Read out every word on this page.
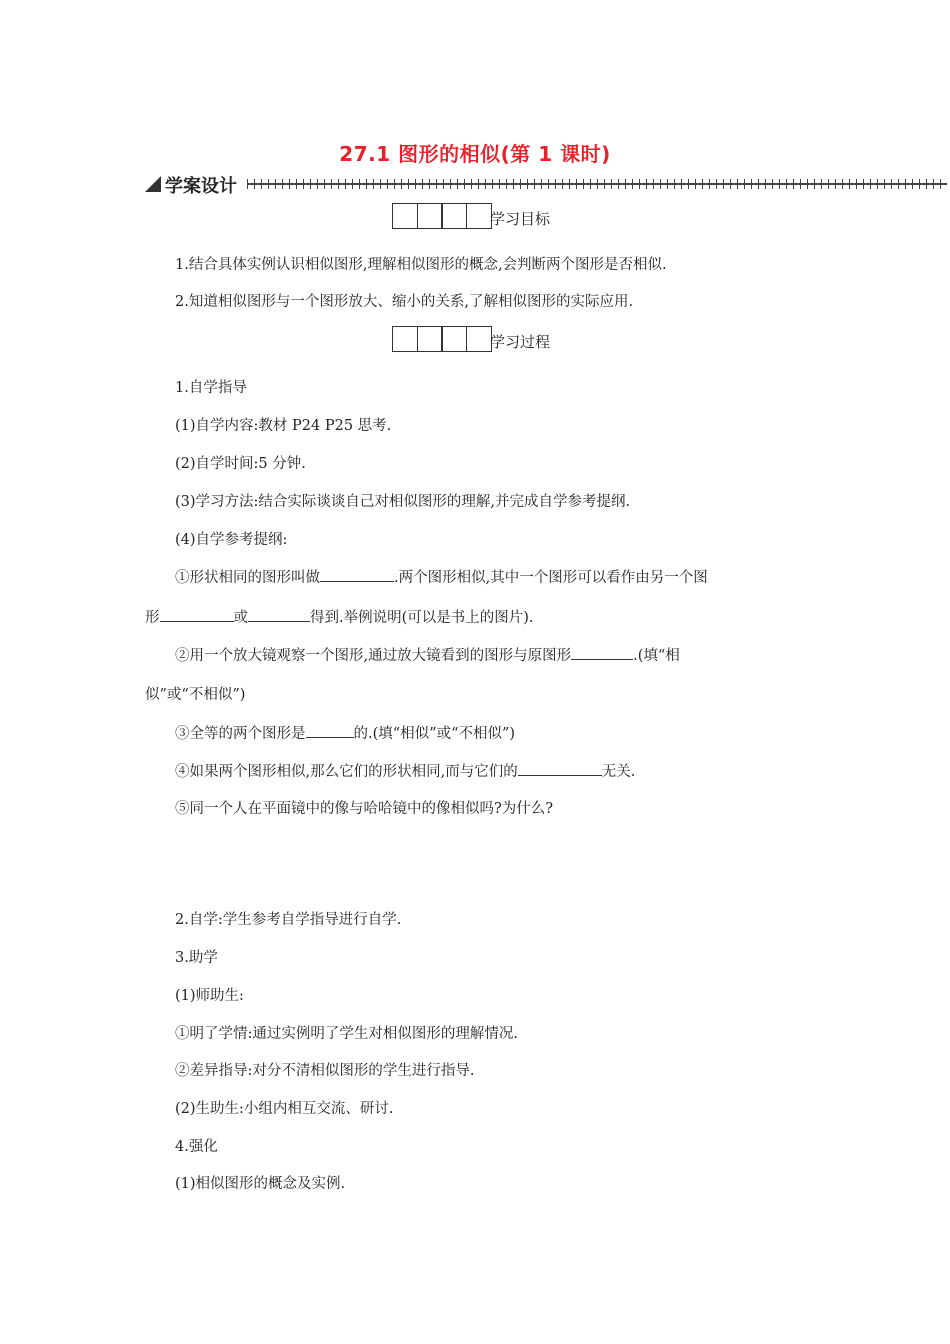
27.1 图形的相似(第 1 课时)
学案设计
学习目标
1.结合具体实例认识相似图形,理解相似图形的概念,会判断两个图形是否相似.
2.知道相似图形与一个图形放大、缩小的关系,了解相似图形的实际应用.
学习过程
1.自学指导
(1)自学内容:教材 P24 P25 思考.
(2)自学时间:5 分钟.
(3)学习方法:结合实际谈谈自己对相似图形的理解,并完成自学参考提纲.
(4)自学参考提纲:
①形状相同的图形叫做	.两个图形相似,其中一个图形可以看作由另一个图
形	或	得到.举例说明(可以是书上的图片).
②用一个放大镜观察一个图形,通过放大镜看到的图形与原图形	.(填“相
似”或“不相似”)
③全等的两个图形是	的.(填“相似”或“不相似”)
④如果两个图形相似,那么它们的形状相同,而与它们的	无关.
⑤同一个人在平面镜中的像与哈哈镜中的像相似吗?为什么?
2.自学:学生参考自学指导进行自学.
3.助学
(1)师助生:
①明了学情:通过实例明了学生对相似图形的理解情况.
②差异指导:对分不清相似图形的学生进行指导.
(2)生助生:小组内相互交流、研讨.
4.强化
(1)相似图形的概念及实例.
